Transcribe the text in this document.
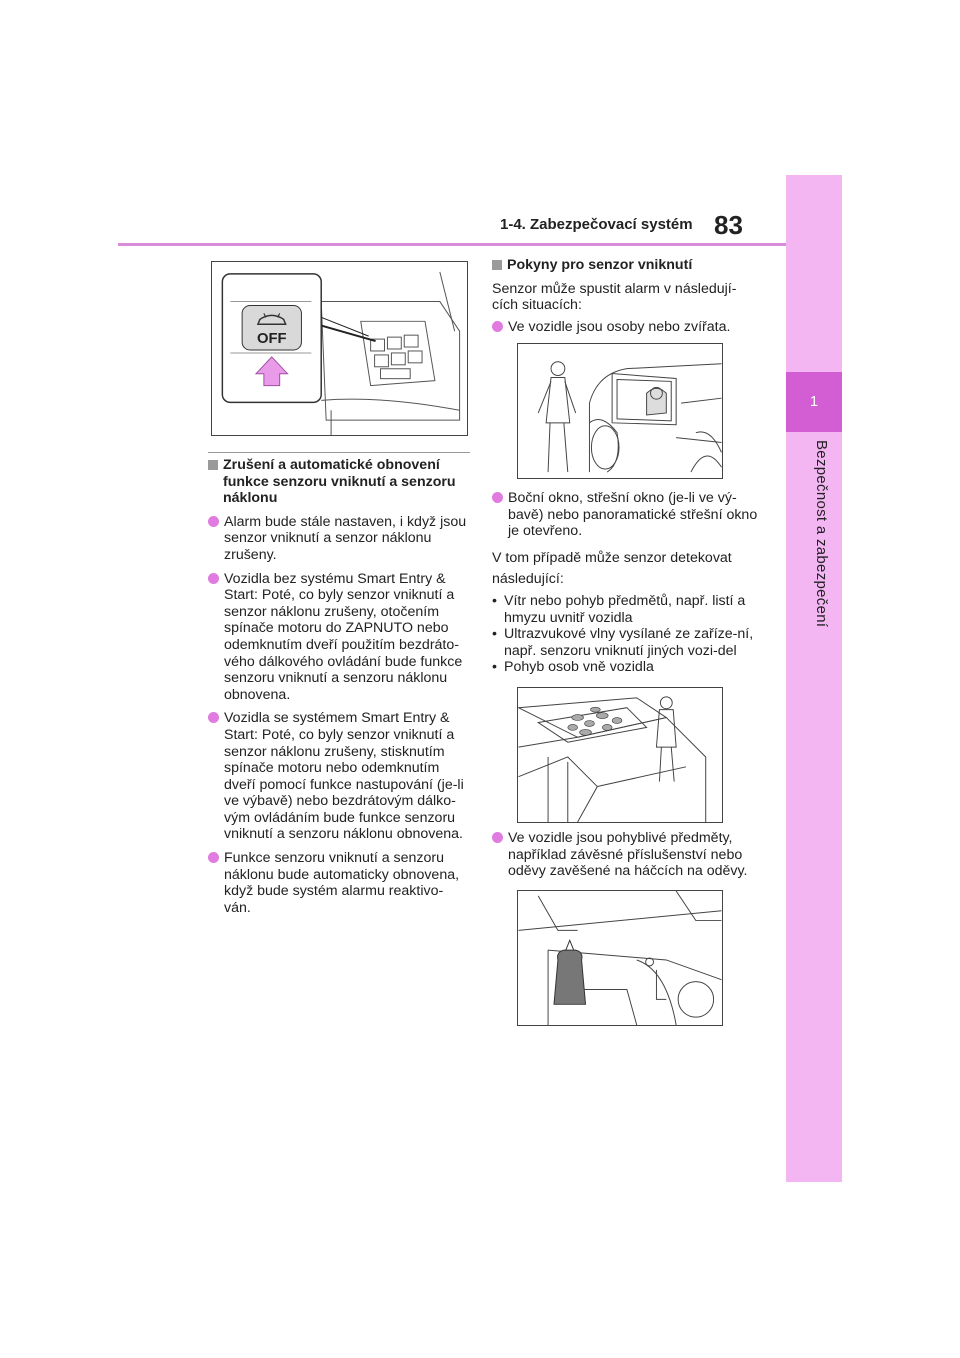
1
Bezpečnost a zabezpečení
1-4. Zabezpečovací systém 83
OFF
Zrušení a automatické obnovení funkce senzoru vniknutí a senzoru náklonu
Alarm bude stále nastaven, i když jsou senzor vniknutí a senzor náklonu zrušeny.
Vozidla bez systému Smart Entry & Start: Poté, co byly senzor vniknutí a senzor náklonu zrušeny, otočením spínače motoru do ZAPNUTO nebo odemknutím dveří použitím bezdráto-vého dálkového ovládání bude funkce senzoru vniknutí a senzoru náklonu obnovena.
Vozidla se systémem Smart Entry & Start: Poté, co byly senzor vniknutí a senzor náklonu zrušeny, stisknutím spínače motoru nebo odemknutím dveří pomocí funkce nastupování (je-li ve výbavě) nebo bezdrátovým dálko-vým ovládáním bude funkce senzoru vniknutí a senzoru náklonu obnovena.
Funkce senzoru vniknutí a senzoru náklonu bude automaticky obnovena, když bude systém alarmu reaktivo-ván.
Pokyny pro senzor vniknutí
Senzor může spustit alarm v následují-cích situacích:
Ve vozidle jsou osoby nebo zvířata.
Boční okno, střešní okno (je-li ve vý-bavě) nebo panoramatické střešní okno je otevřeno.
V tom případě může senzor detekovat
následující:
• Vítr nebo pohyb předmětů, např. listí a hmyzu uvnitř vozidla
• Ultrazvukové vlny vysílané ze zaříze-ní, např. senzoru vniknutí jiných vozi-del
• Pohyb osob vně vozidla
Ve vozidle jsou pohyblivé předměty, například závěsné příslušenství nebo oděvy zavěšené na háčcích na oděvy.
